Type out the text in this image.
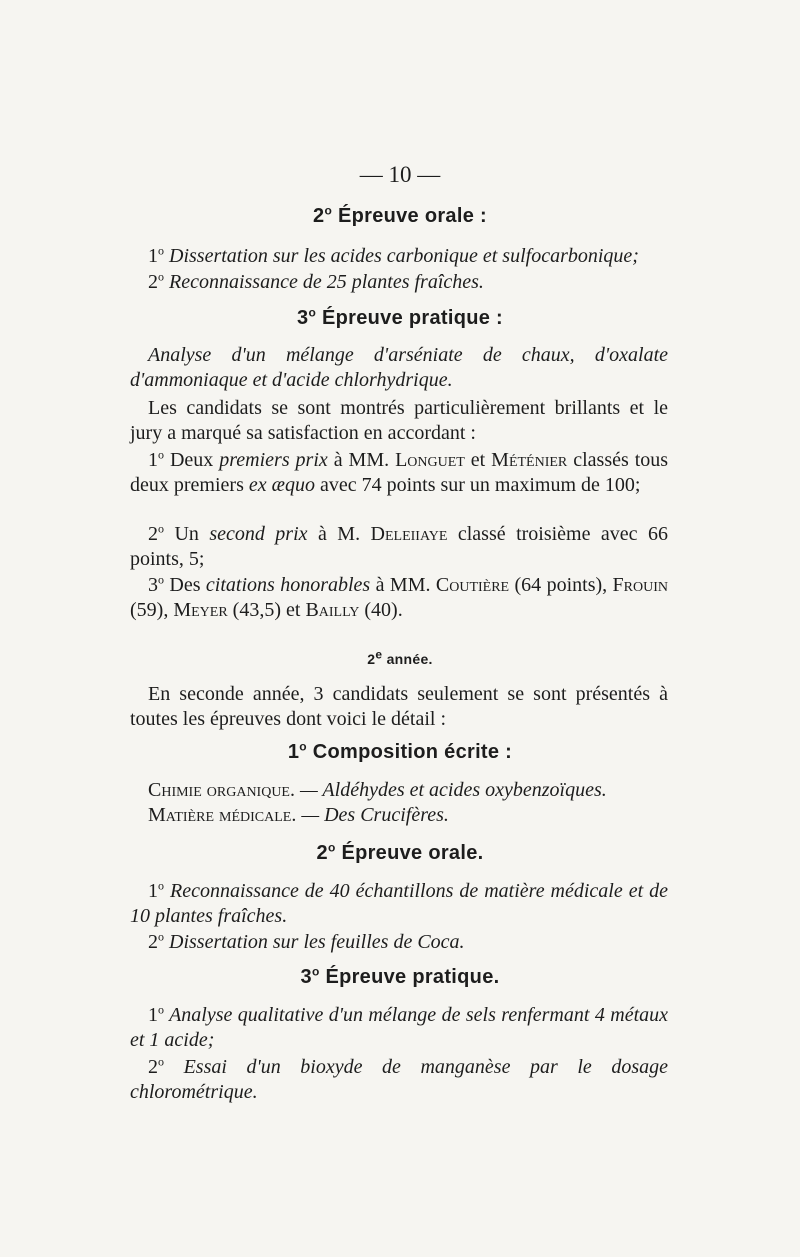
— 10 —
2$^o$ Épreuve orale :
1$^o$ Dissertation sur les acides carbonique et sulfocarbonique;
2$^o$ Reconnaissance de 25 plantes fraîches.
3$^o$ Épreuve pratique :
Analyse d'un mélange d'arséniate de chaux, d'oxalate d'ammoniaque et d'acide chlorhydrique.
Les candidats se sont montrés particulièrement brillants et le jury a marqué sa satisfaction en accordant :
1$^o$ Deux premiers prix à MM. Longuet et Méténier classés tous deux premiers ex æquo avec 74 points sur un maximum de 100;
2$^o$ Un second prix à M. Deleiiaye classé troisième avec 66 points, 5;
3$^o$ Des citations honorables à MM. Coutière (64 points), Frouin (59), Meyer (43,5) et Bailly (40).
2e année.
En seconde année, 3 candidats seulement se sont présentés à toutes les épreuves dont voici le détail :
1$^o$ Composition écrite :
Chimie organique. — Aldéhydes et acides oxybenzoïques.
Matière médicale. — Des Crucifères.
2$^o$ Épreuve orale.
1$^o$ Reconnaissance de 40 échantillons de matière médicale et de 10 plantes fraîches.
2$^o$ Dissertation sur les feuilles de Coca.
3$^o$ Épreuve pratique.
1$^o$ Analyse qualitative d'un mélange de sels renfermant 4 métaux et 1 acide;
2$^o$ Essai d'un bioxyde de manganèse par le dosage chlorométrique.
